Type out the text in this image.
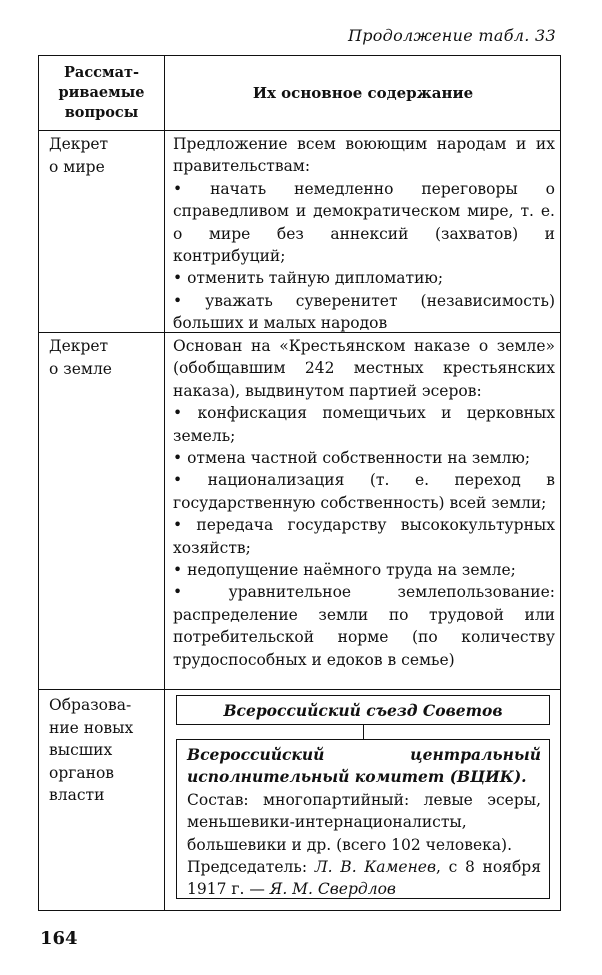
Продолжение табл. 33
Рассмат-
риваемые
вопросы
Их основное содержание
Декрет
о мире

Предложение всем воюющим народам и их правительствам:

• начать немедленно переговоры о справедливом и демократическом мире, т. е. о мире без аннексий (захватов) и контрибуций;

• отменить тайную дипломатию;

• уважать суверенитет (независимость) больших и малых народов

Декрет
о земле

Основан на «Крестьянском наказе о земле» (обобщавшим 242 местных крестьянских наказа), выдвинутом партией эсеров:

• конфискация помещичьих и церковных земель;

• отмена частной собственности на землю;

• национализация (т. е. переход в государственную собственность) всей земли;

• передача государству высококультурных хозяйств;

• недопущение наёмного труда на земле;

• уравнительное землепользование: распределение земли по трудовой или потребительской норме (по количеству трудоспособных и едоков в семье)

Образова-
ние новых
высших
органов
власти
Всероссийский съезд Советов

Всероссийский центральный исполнительный комитет (ВЦИК).

Состав: многопартийный: левые эсеры, меньшевики-интернационалисты, большевики и др. (всего 102 человека).

Председатель: Л. В. Каменев, с 8 ноября 1917 г. — Я. М. Свердлов

164
